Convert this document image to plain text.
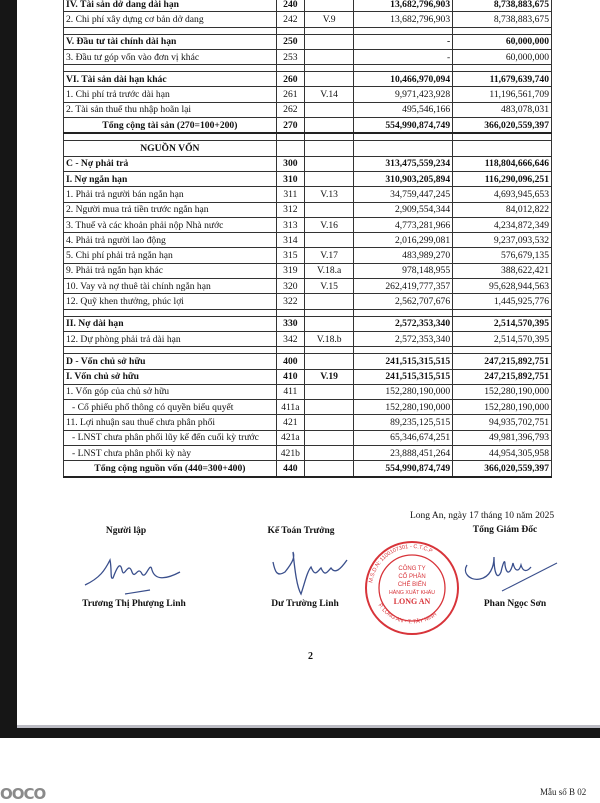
IV. Tài sản dở dang dài hạn	240		13,682,796,903	8,738,883,675
2. Chi phí xây dựng cơ bản dở dang	242	V.9	13,682,796,903	8,738,883,675

V. Đầu tư tài chính dài hạn	250		-	60,000,000
3. Đầu tư góp vốn vào đơn vị khác	253		-	60,000,000

VI. Tài sản dài hạn khác	260		10,466,970,094	11,679,639,740
1. Chi phí trả trước dài hạn	261	V.14	9,971,423,928	11,196,561,709
2. Tài sản thuế thu nhập hoãn lại	262		495,546,166	483,078,031
Tổng cộng tài sản (270=100+200)	270		554,990,874,749	366,020,559,397

NGUỒN VỐN				
C - Nợ phải trả	300		313,475,559,234	118,804,666,646
I. Nợ ngắn hạn	310		310,903,205,894	116,290,096,251
1. Phải trả người bán ngắn hạn	311	V.13	34,759,447,245	4,693,945,653
2. Người mua trả tiền trước ngắn hạn	312		2,909,554,344	84,012,822
3. Thuế và các khoản phải nộp Nhà nước	313	V.16	4,773,281,966	4,234,872,349
4. Phải trả người lao động	314		2,016,299,081	9,237,093,532
5. Chi phí phải trả ngắn hạn	315	V.17	483,989,270	576,679,135
9. Phải trả ngắn hạn khác	319	V.18.a	978,148,955	388,622,421
10. Vay và nợ thuê tài chính ngắn hạn	320	V.15	262,419,777,357	95,628,944,563
12. Quỹ khen thưởng, phúc lợi	322		2,562,707,676	1,445,925,776

II. Nợ dài hạn	330		2,572,353,340	2,514,570,395
12. Dự phòng phải trả dài hạn	342	V.18.b	2,572,353,340	2,514,570,395

D - Vốn chủ sở hữu	400		241,515,315,515	247,215,892,751
I. Vốn chủ sở hữu	410	V.19	241,515,315,515	247,215,892,751
1. Vốn góp của chủ sở hữu	411		152,280,190,000	152,280,190,000
- Cổ phiếu phổ thông có quyền biểu quyết	411a		152,280,190,000	152,280,190,000
11. Lợi nhuận sau thuế chưa phân phối	421		89,235,125,515	94,935,702,751
- LNST chưa phân phối lũy kế đến cuối kỳ trước	421a		65,346,674,251	49,981,396,793
- LNST chưa phân phối kỳ này	421b		23,888,451,264	44,954,305,958
Tổng cộng nguồn vốn (440=300+400)	440		554,990,874,749	366,020,559,397
Người lập
Trương Thị Phượng Linh
Kế Toán Trưởng
Dư Trường Linh
Long An, ngày 17 tháng 10 năm 2025
Tổng Giám Đốc
M.S.D.N: 1100107301 - C.T.C.P
CÔNG TY
CỔ PHẦN
CHẾ BIẾN
HÀNG XUẤT KHẨU
LONG AN
P. LONG AN - T. TÂY NINH
Phan Ngọc Sơn
2
OOCO	Mẫu số B 02
